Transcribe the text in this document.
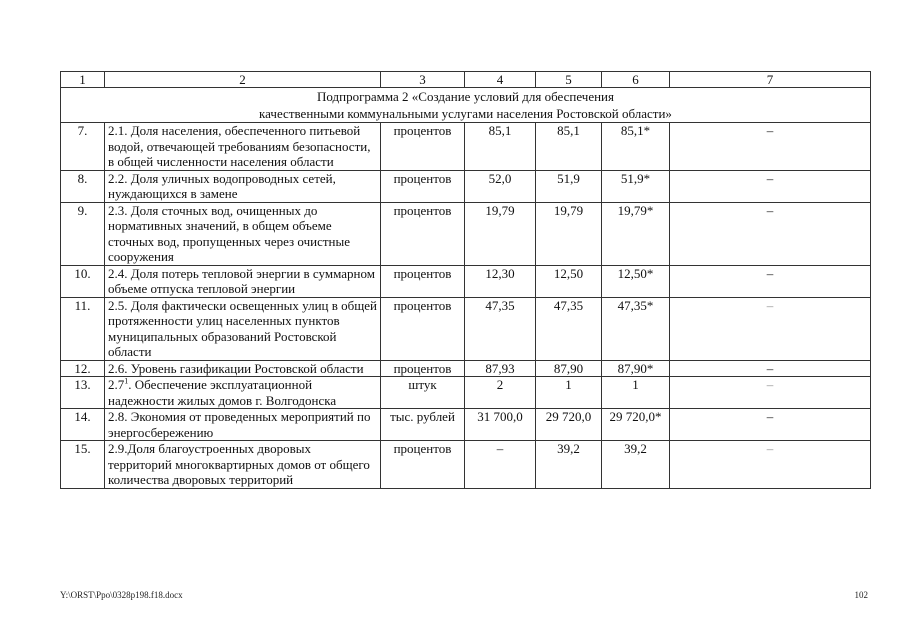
1	2	3	4	5	6	7

Подпрограмма 2 «Создание условий для обеспечения
качественными коммунальными услугами населения Ростовской области»						

7.	2.1. Доля населения, обеспеченного питьевой водой, отвечающей требованиям безопасности, в общей численности населения области	процентов	85,1	85,1	85,1*	–
8.	2.2. Доля уличных водопроводных сетей, нуждающихся в замене	процентов	52,0	51,9	51,9*	–
9.	2.3. Доля сточных вод, очищенных до нормативных значений, в общем объеме сточных вод, пропущенных через очистные сооружения	процентов	19,79	19,79	19,79*	–
10.	2.4. Доля потерь тепловой энергии в суммарном объеме отпуска тепловой энергии	процентов	12,30	12,50	12,50*	–
11.	2.5. Доля фактически освещенных улиц в общей протяженности улиц населенных пунктов муниципальных образований Ростовской области	процентов	47,35	47,35	47,35*	–
12.	2.6. Уровень газификации Ростовской области	процентов	87,93	87,90	87,90*	–
13.	$2.7^1$. Обеспечение эксплуатационной надежности жилых домов г. Волгодонска	штук	2	1	1	–
14.	2.8. Экономия от проведенных мероприятий по энергосбережению	тыс. рублей	31 700,0	29 720,0	29 720,0*	–
15.	2.9.Доля благоустроенных дворовых территорий многоквартирных домов от общего количества дворовых территорий	процентов	–	39,2	39,2	–
Y:\ORST\Ppo\0328p198.f18.docx	102
